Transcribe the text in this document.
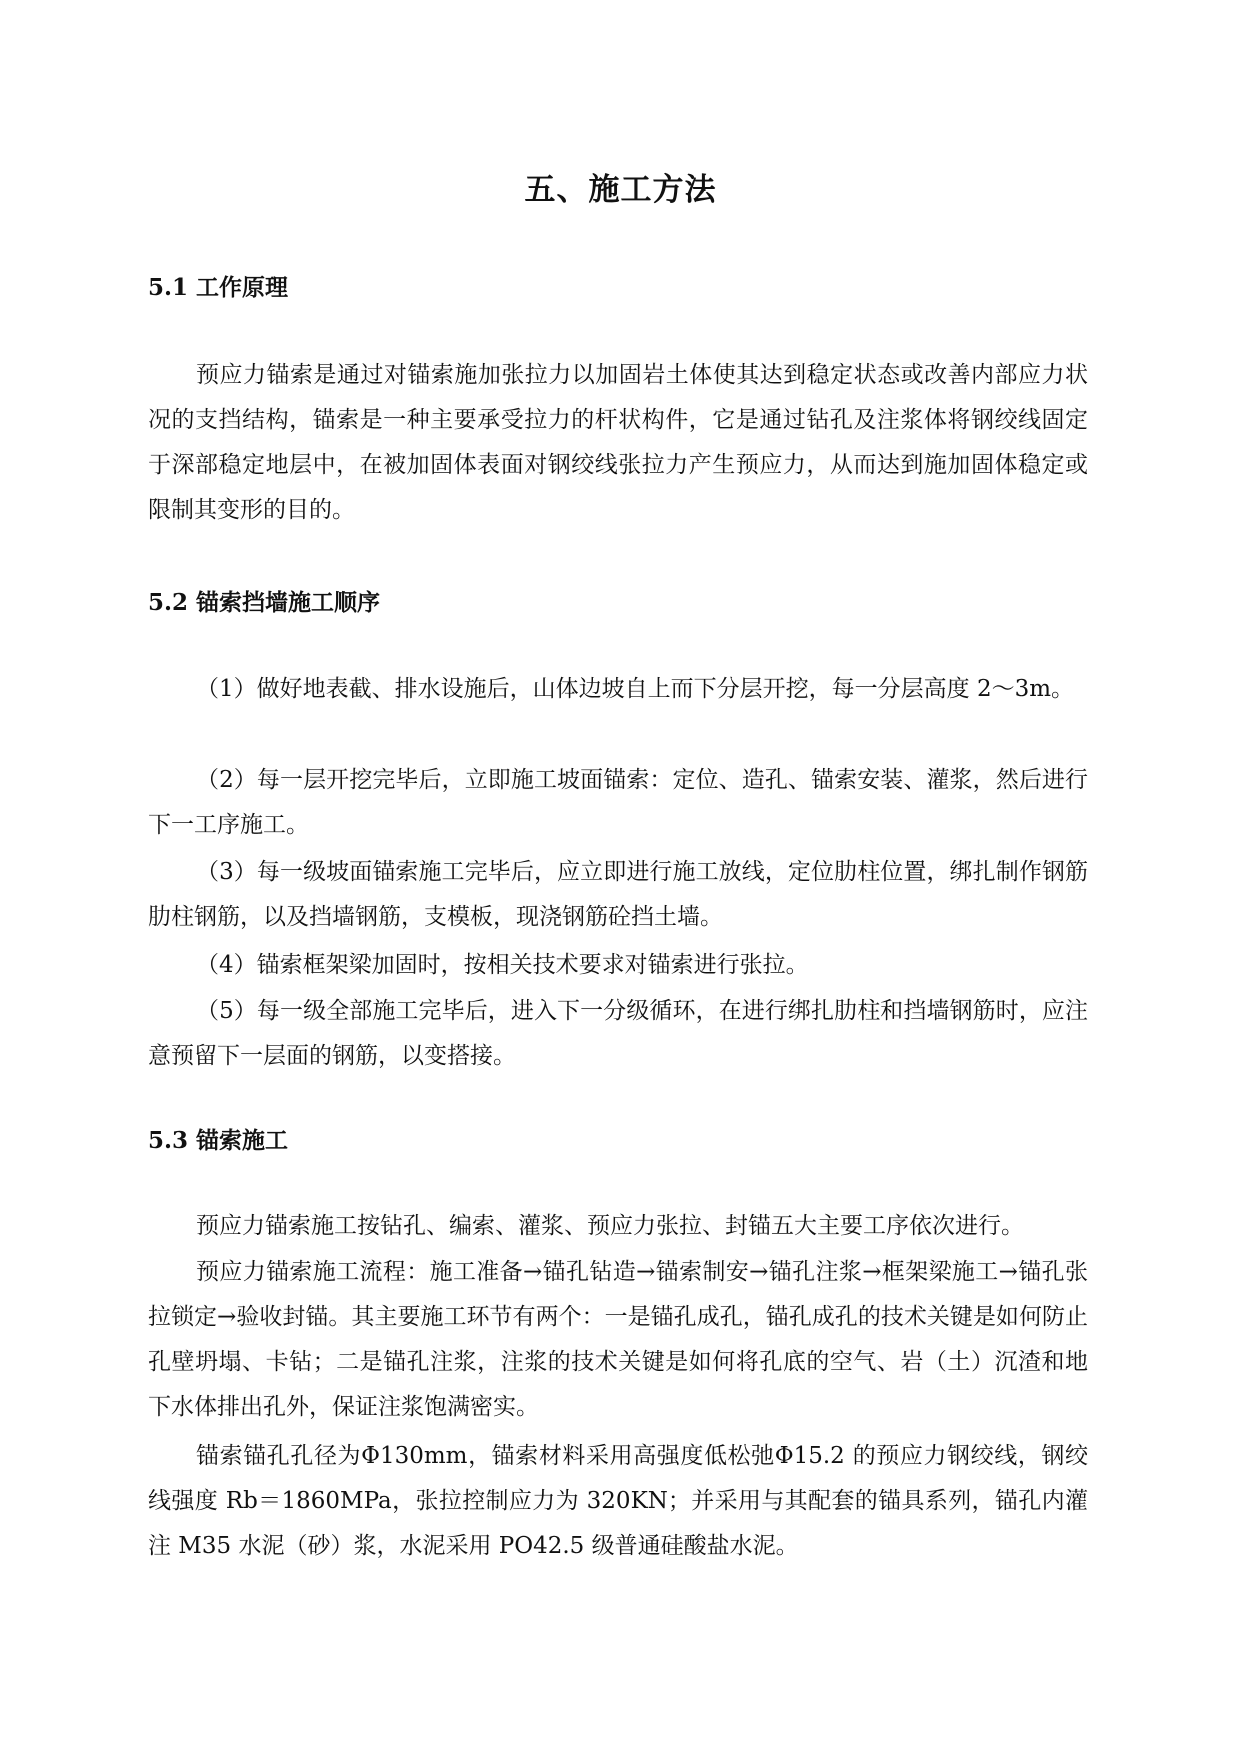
五、施工方法
5.1 工作原理
预应力锚索是通过对锚索施加张拉力以加固岩土体使其达到稳定状态或改善内部应力状况的支挡结构，锚索是一种主要承受拉力的杆状构件，它是通过钻孔及注浆体将钢绞线固定于深部稳定地层中，在被加固体表面对钢绞线张拉力产生预应力，从而达到施加固体稳定或限制其变形的目的。
5.2 锚索挡墙施工顺序
（1）做好地表截、排水设施后，山体边坡自上而下分层开挖，每一分层高度 2～3m。
（2）每一层开挖完毕后，立即施工坡面锚索：定位、造孔、锚索安装、灌浆，然后进行下一工序施工。
（3）每一级坡面锚索施工完毕后，应立即进行施工放线，定位肋柱位置，绑扎制作钢筋肋柱钢筋，以及挡墙钢筋，支模板，现浇钢筋砼挡土墙。
（4）锚索框架梁加固时，按相关技术要求对锚索进行张拉。
（5）每一级全部施工完毕后，进入下一分级循环，在进行绑扎肋柱和挡墙钢筋时，应注意预留下一层面的钢筋，以变搭接。
5.3 锚索施工
预应力锚索施工按钻孔、编索、灌浆、预应力张拉、封锚五大主要工序依次进行。
预应力锚索施工流程：施工准备→锚孔钻造→锚索制安→锚孔注浆→框架梁施工→锚孔张拉锁定→验收封锚。其主要施工环节有两个：一是锚孔成孔，锚孔成孔的技术关键是如何防止孔壁坍塌、卡钻；二是锚孔注浆，注浆的技术关键是如何将孔底的空气、岩（土）沉渣和地下水体排出孔外，保证注浆饱满密实。
锚索锚孔孔径为Φ130mm，锚索材料采用高强度低松弛Φ15.2 的预应力钢绞线，钢绞线强度 Rb＝1860MPa，张拉控制应力为 320KN；并采用与其配套的锚具系列，锚孔内灌注 M35 水泥（砂）浆，水泥采用 PO42.5 级普通硅酸盐水泥。
